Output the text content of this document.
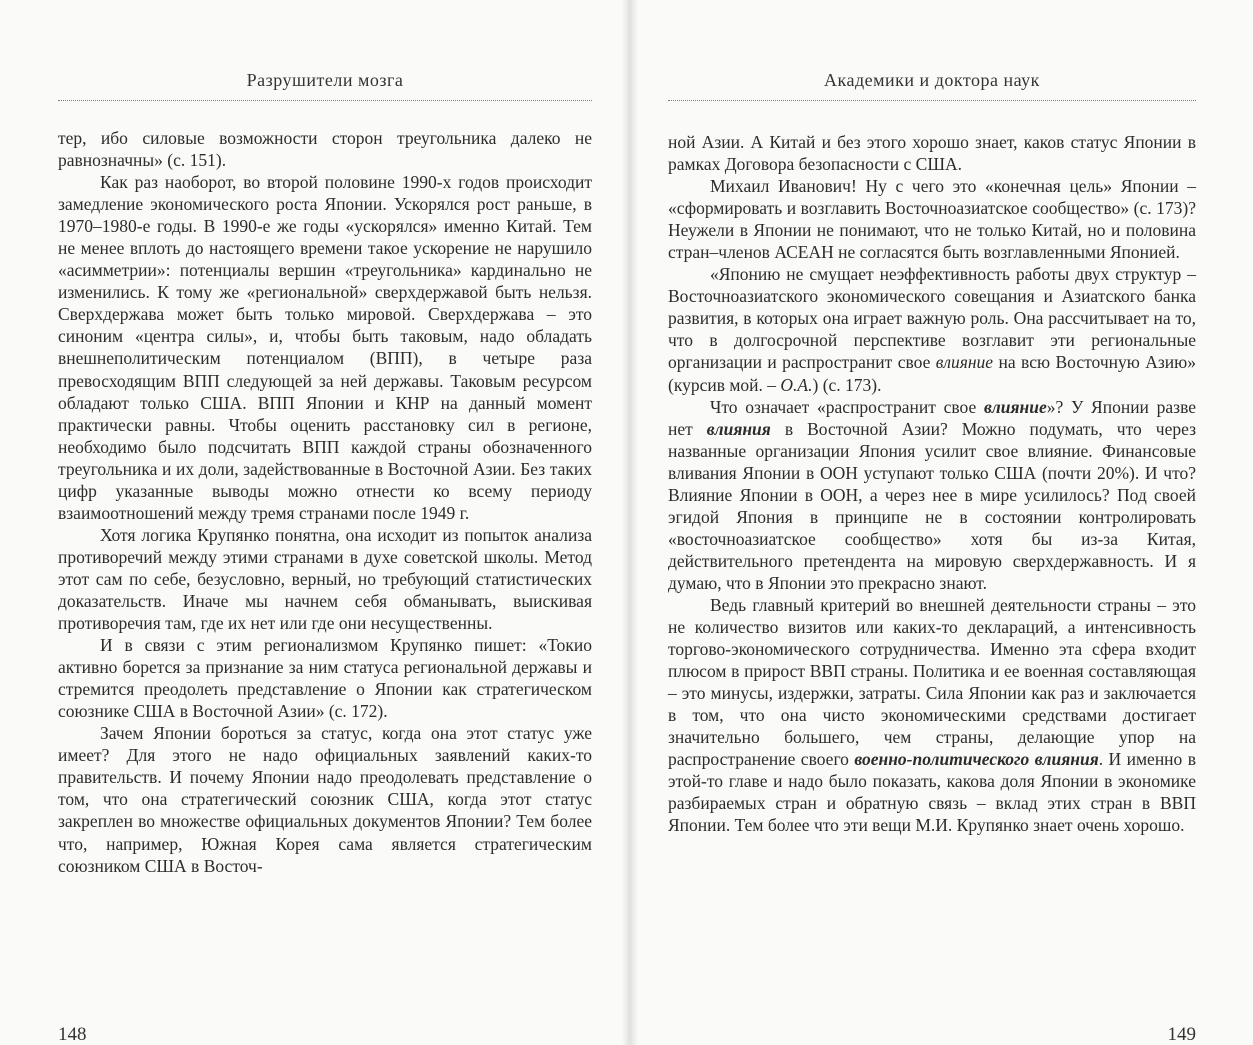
Разрушители мозга

тер, ибо силовые возможности сторон треугольника далеко не равнозначны» (с. 151).

Как раз наоборот, во второй половине 1990-х годов происходит замедление экономического роста Японии. Ускорялся рост раньше, в 1970–1980-е годы. В 1990-е же годы «ускорялся» именно Китай. Тем не менее вплоть до настоящего времени такое ускорение не нарушило «асимметрии»: потенциалы вершин «треугольника» кардинально не изменились. К тому же «региональной» сверхдержавой быть нельзя. Сверхдержава может быть только мировой. Сверхдержава – это синоним «центра силы», и, чтобы быть таковым, надо обладать внешнеполитическим потенциалом (ВПП), в четыре раза превосходящим ВПП следующей за ней державы. Таковым ресурсом обладают только США. ВПП Японии и КНР на данный момент практически равны. Чтобы оценить расстановку сил в регионе, необходимо было подсчитать ВПП каждой страны обозначенного треугольника и их доли, задействованные в Восточной Азии. Без таких цифр указанные выводы можно отнести ко всему периоду взаимоотношений между тремя странами после 1949 г.

Хотя логика Крупянко понятна, она исходит из попыток анализа противоречий между этими странами в духе советской школы. Метод этот сам по себе, безусловно, верный, но требующий статистических доказательств. Иначе мы начнем себя обманывать, выискивая противоречия там, где их нет или где они несущественны.

И в связи с этим регионализмом Крупянко пишет: «Токио активно борется за признание за ним статуса региональной державы и стремится преодолеть представление о Японии как стратегическом союзнике США в Восточной Азии» (с. 172).

Зачем Японии бороться за статус, когда она этот статус уже имеет? Для этого не надо официальных заявлений каких-то правительств. И почему Японии надо преодолевать представление о том, что она стратегический союзник США, когда этот статус закреплен во множестве официальных документов Японии? Тем более что, например, Южная Корея сама является стратегическим союзником США в Восточ-

148
Академики и доктора наук

ной Азии. А Китай и без этого хорошо знает, каков статус Японии в рамках Договора безопасности с США.

Михаил Иванович! Ну с чего это «конечная цель» Японии – «сформировать и возглавить Восточноазиатское сообщество» (с. 173)? Неужели в Японии не понимают, что не только Китай, но и половина стран–членов АСЕАН не согласятся быть возглавленными Японией.

«Японию не смущает неэффективность работы двух структур – Восточноазиатского экономического совещания и Азиатского банка развития, в которых она играет важную роль. Она рассчитывает на то, что в долгосрочной перспективе возглавит эти региональные организации и распространит свое влияние на всю Восточную Азию» (курсив мой. – О.А.) (с. 173).

Что означает «распространит свое влияние»? У Японии разве нет влияния в Восточной Азии? Можно подумать, что через названные организации Япония усилит свое влияние. Финансовые вливания Японии в ООН уступают только США (почти 20%). И что? Влияние Японии в ООН, а через нее в мире усилилось? Под своей эгидой Япония в принципе не в состоянии контролировать «восточноазиатское сообщество» хотя бы из-за Китая, действительного претендента на мировую сверхдержавность. И я думаю, что в Японии это прекрасно знают.

Ведь главный критерий во внешней деятельности страны – это не количество визитов или каких-то деклараций, а интенсивность торгово-экономического сотрудничества. Именно эта сфера входит плюсом в прирост ВВП страны. Политика и ее военная составляющая – это минусы, издержки, затраты. Сила Японии как раз и заключается в том, что она чисто экономическими средствами достигает значительно большего, чем страны, делающие упор на распространение своего военно-политического влияния. И именно в этой-то главе и надо было показать, какова доля Японии в экономике разбираемых стран и обратную связь – вклад этих стран в ВВП Японии. Тем более что эти вещи М.И. Крупянко знает очень хорошо.

149
